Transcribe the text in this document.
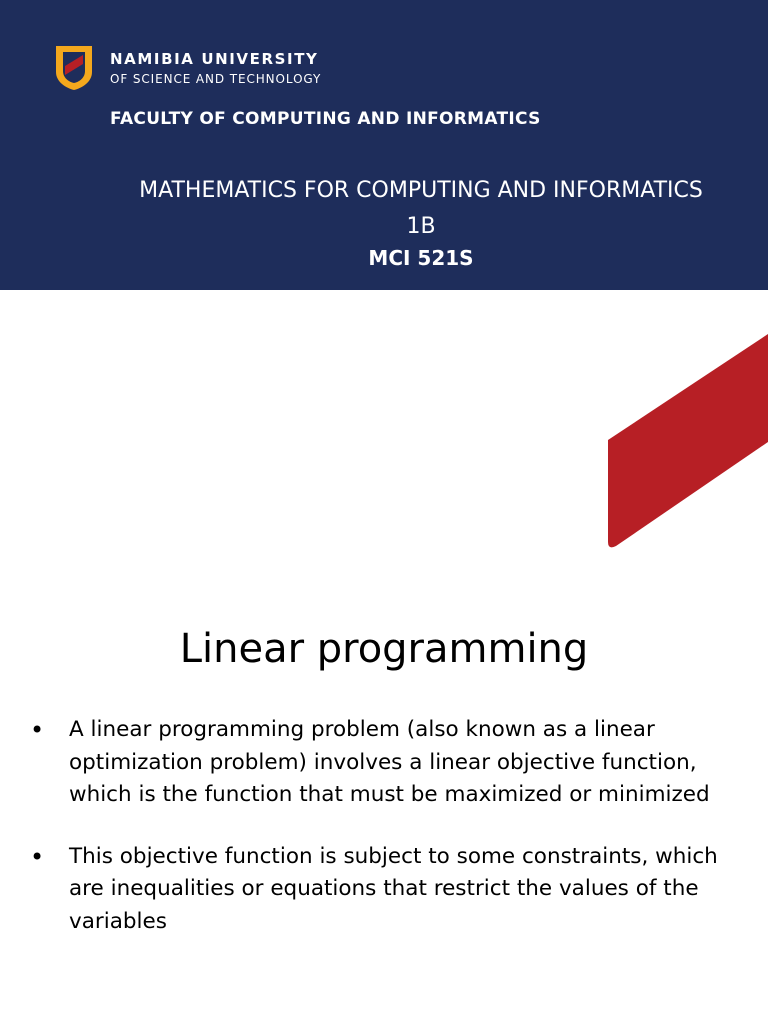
NAMIBIA UNIVERSITY
OF SCIENCE AND TECHNOLOGY
FACULTY OF COMPUTING AND INFORMATICS
MATHEMATICS FOR COMPUTING AND INFORMATICS
1B
MCI 521S
Linear programming
• A linear programming problem (also known as a linear optimization problem) involves a linear objective function, which is the function that must be maximized or minimized
• This objective function is subject to some constraints, which are inequalities or equations that restrict the values of the variables
